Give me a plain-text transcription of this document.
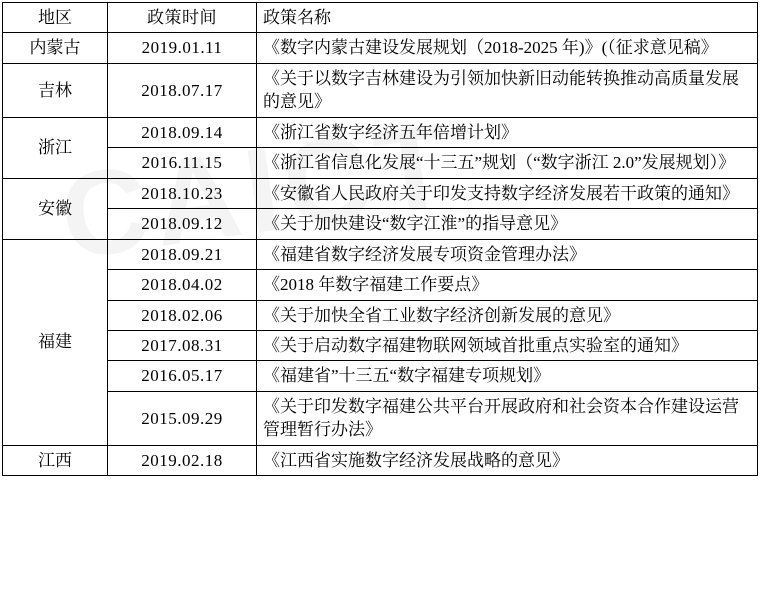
地区	政策时间	政策名称
内蒙古	2019.01.11	《数字内蒙古建设发展规划（2018-2025 年)》(（征求意见稿》
吉林	2018.07.17	《关于以数字吉林建设为引领加快新旧动能转换推动高质量发展的意见》
浙江	2018.09.14	《浙江省数字经济五年倍增计划》
	2016.11.15	《浙江省信息化发展“十三五”规划（“数字浙江 2.0”发展规划）》
安徽	2018.10.23	《安徽省人民政府关于印发支持数字经济发展若干政策的通知》
	2018.09.12	《关于加快建设“数字江淮”的指导意见》
福建	2018.09.21	《福建省数字经济发展专项资金管理办法》
	2018.04.02	《2018 年数字福建工作要点》
	2018.02.06	《关于加快全省工业数字经济创新发展的意见》
	2017.08.31	《关于启动数字福建物联网领域首批重点实验室的通知》
	2016.05.17	《福建省”十三五“数字福建专项规划》
	2015.09.29	《关于印发数字福建公共平台开展政府和社会资本合作建设运营管理暂行办法》
江西	2019.02.18	《江西省实施数字经济发展战略的意见》
